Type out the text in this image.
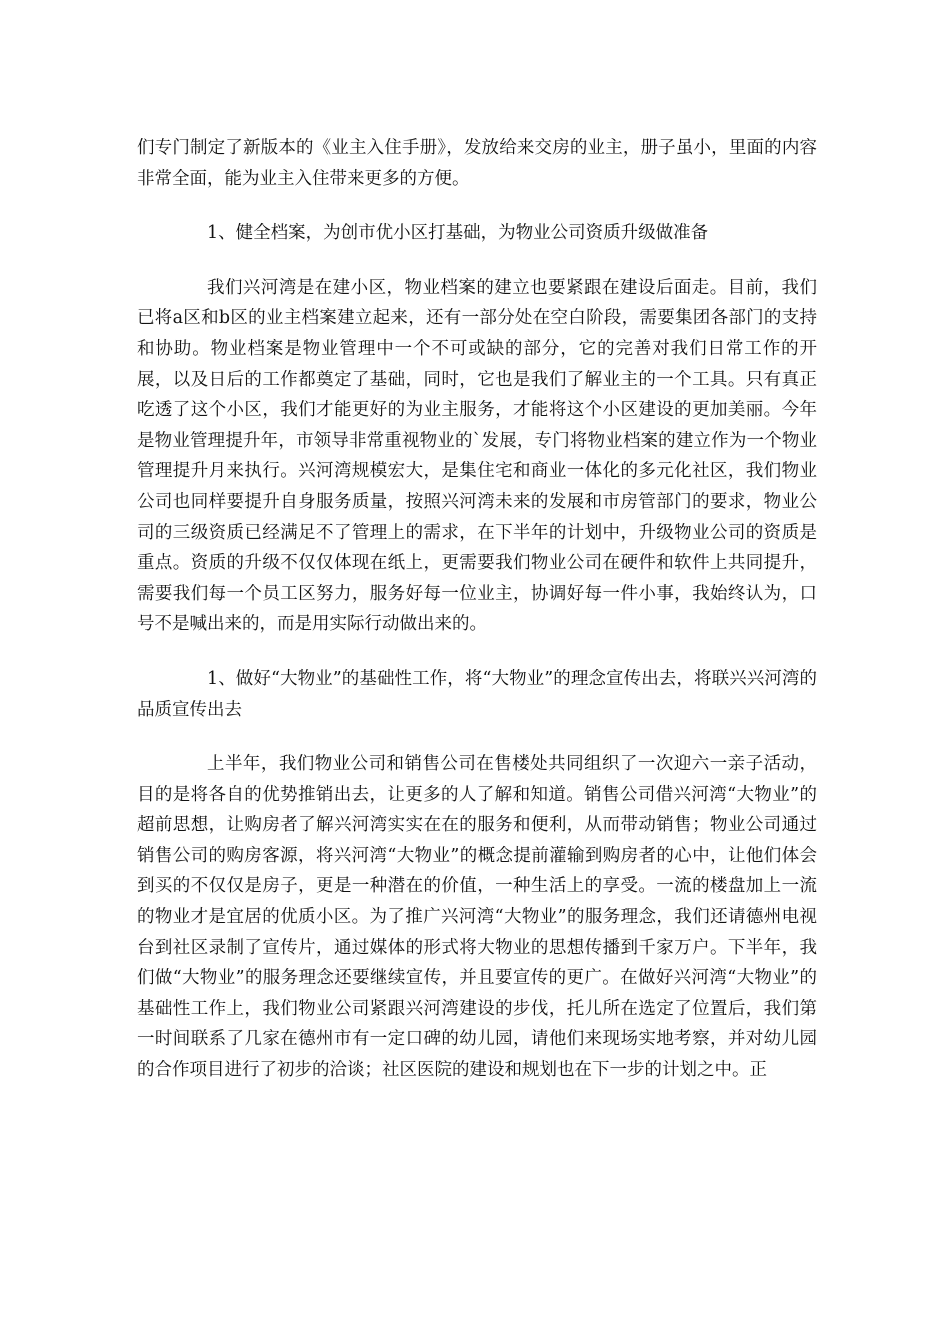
们专门制定了新版本的《业主入住手册》，发放给来交房的业主，册子虽小，里面的内容非常全面，能为业主入住带来更多的方便。

1、健全档案，为创市优小区打基础，为物业公司资质升级做准备

我们兴河湾是在建小区，物业档案的建立也要紧跟在建设后面走。目前，我们已将a区和b区的业主档案建立起来，还有一部分处在空白阶段，需要集团各部门的支持和协助。物业档案是物业管理中一个不可或缺的部分，它的完善对我们日常工作的开展，以及日后的工作都奠定了基础，同时，它也是我们了解业主的一个工具。只有真正吃透了这个小区，我们才能更好的为业主服务，才能将这个小区建设的更加美丽。今年是物业管理提升年，市领导非常重视物业的`发展，专门将物业档案的建立作为一个物业管理提升月来执行。兴河湾规模宏大，是集住宅和商业一体化的多元化社区，我们物业公司也同样要提升自身服务质量，按照兴河湾未来的发展和市房管部门的要求，物业公司的三级资质已经满足不了管理上的需求，在下半年的计划中，升级物业公司的资质是重点。资质的升级不仅仅体现在纸上，更需要我们物业公司在硬件和软件上共同提升，需要我们每一个员工区努力，服务好每一位业主，协调好每一件小事，我始终认为，口号不是喊出来的，而是用实际行动做出来的。

1、做好“大物业”的基础性工作，将“大物业”的理念宣传出去，将联兴兴河湾的品质宣传出去

上半年，我们物业公司和销售公司在售楼处共同组织了一次迎六一亲子活动，目的是将各自的优势推销出去，让更多的人了解和知道。销售公司借兴河湾“大物业”的超前思想，让购房者了解兴河湾实实在在的服务和便利，从而带动销售；物业公司通过销售公司的购房客源，将兴河湾“大物业”的概念提前灌输到购房者的心中，让他们体会到买的不仅仅是房子，更是一种潜在的价值，一种生活上的享受。一流的楼盘加上一流的物业才是宜居的优质小区。为了推广兴河湾“大物业”的服务理念，我们还请德州电视台到社区录制了宣传片，通过媒体的形式将大物业的思想传播到千家万户。下半年，我们做“大物业”的服务理念还要继续宣传，并且要宣传的更广。在做好兴河湾“大物业”的基础性工作上，我们物业公司紧跟兴河湾建设的步伐，托儿所在选定了位置后，我们第一时间联系了几家在德州市有一定口碑的幼儿园，请他们来现场实地考察，并对幼儿园的合作项目进行了初步的洽谈；社区医院的建设和规划也在下一步的计划之中。正
